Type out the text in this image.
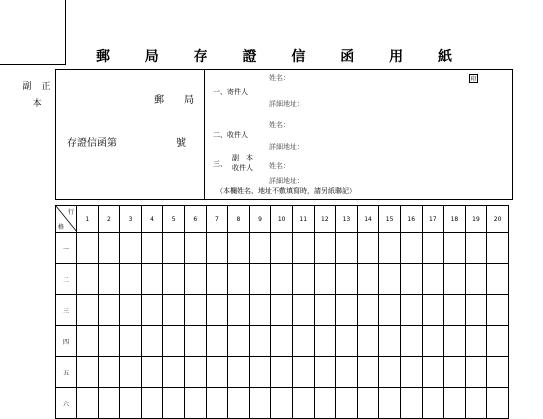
郵 局 存 證 信 函 用 紙
副 正
本	郵　　局
存證信函第	號
姓名：	印
一、寄件人
詳細地址：
姓名：
二、收件人
詳細地址：
三、
副　本
收件人 姓名：
詳細地址：
（本欄姓名、地址不敷填寫時，請另紙聯記）
行
格	1	2	3	4	5	6	7	8	9	10	11	12	13	14	15	16	17	18	19	20
一																				
二																				
三																				
四																				
五																				
六																				
